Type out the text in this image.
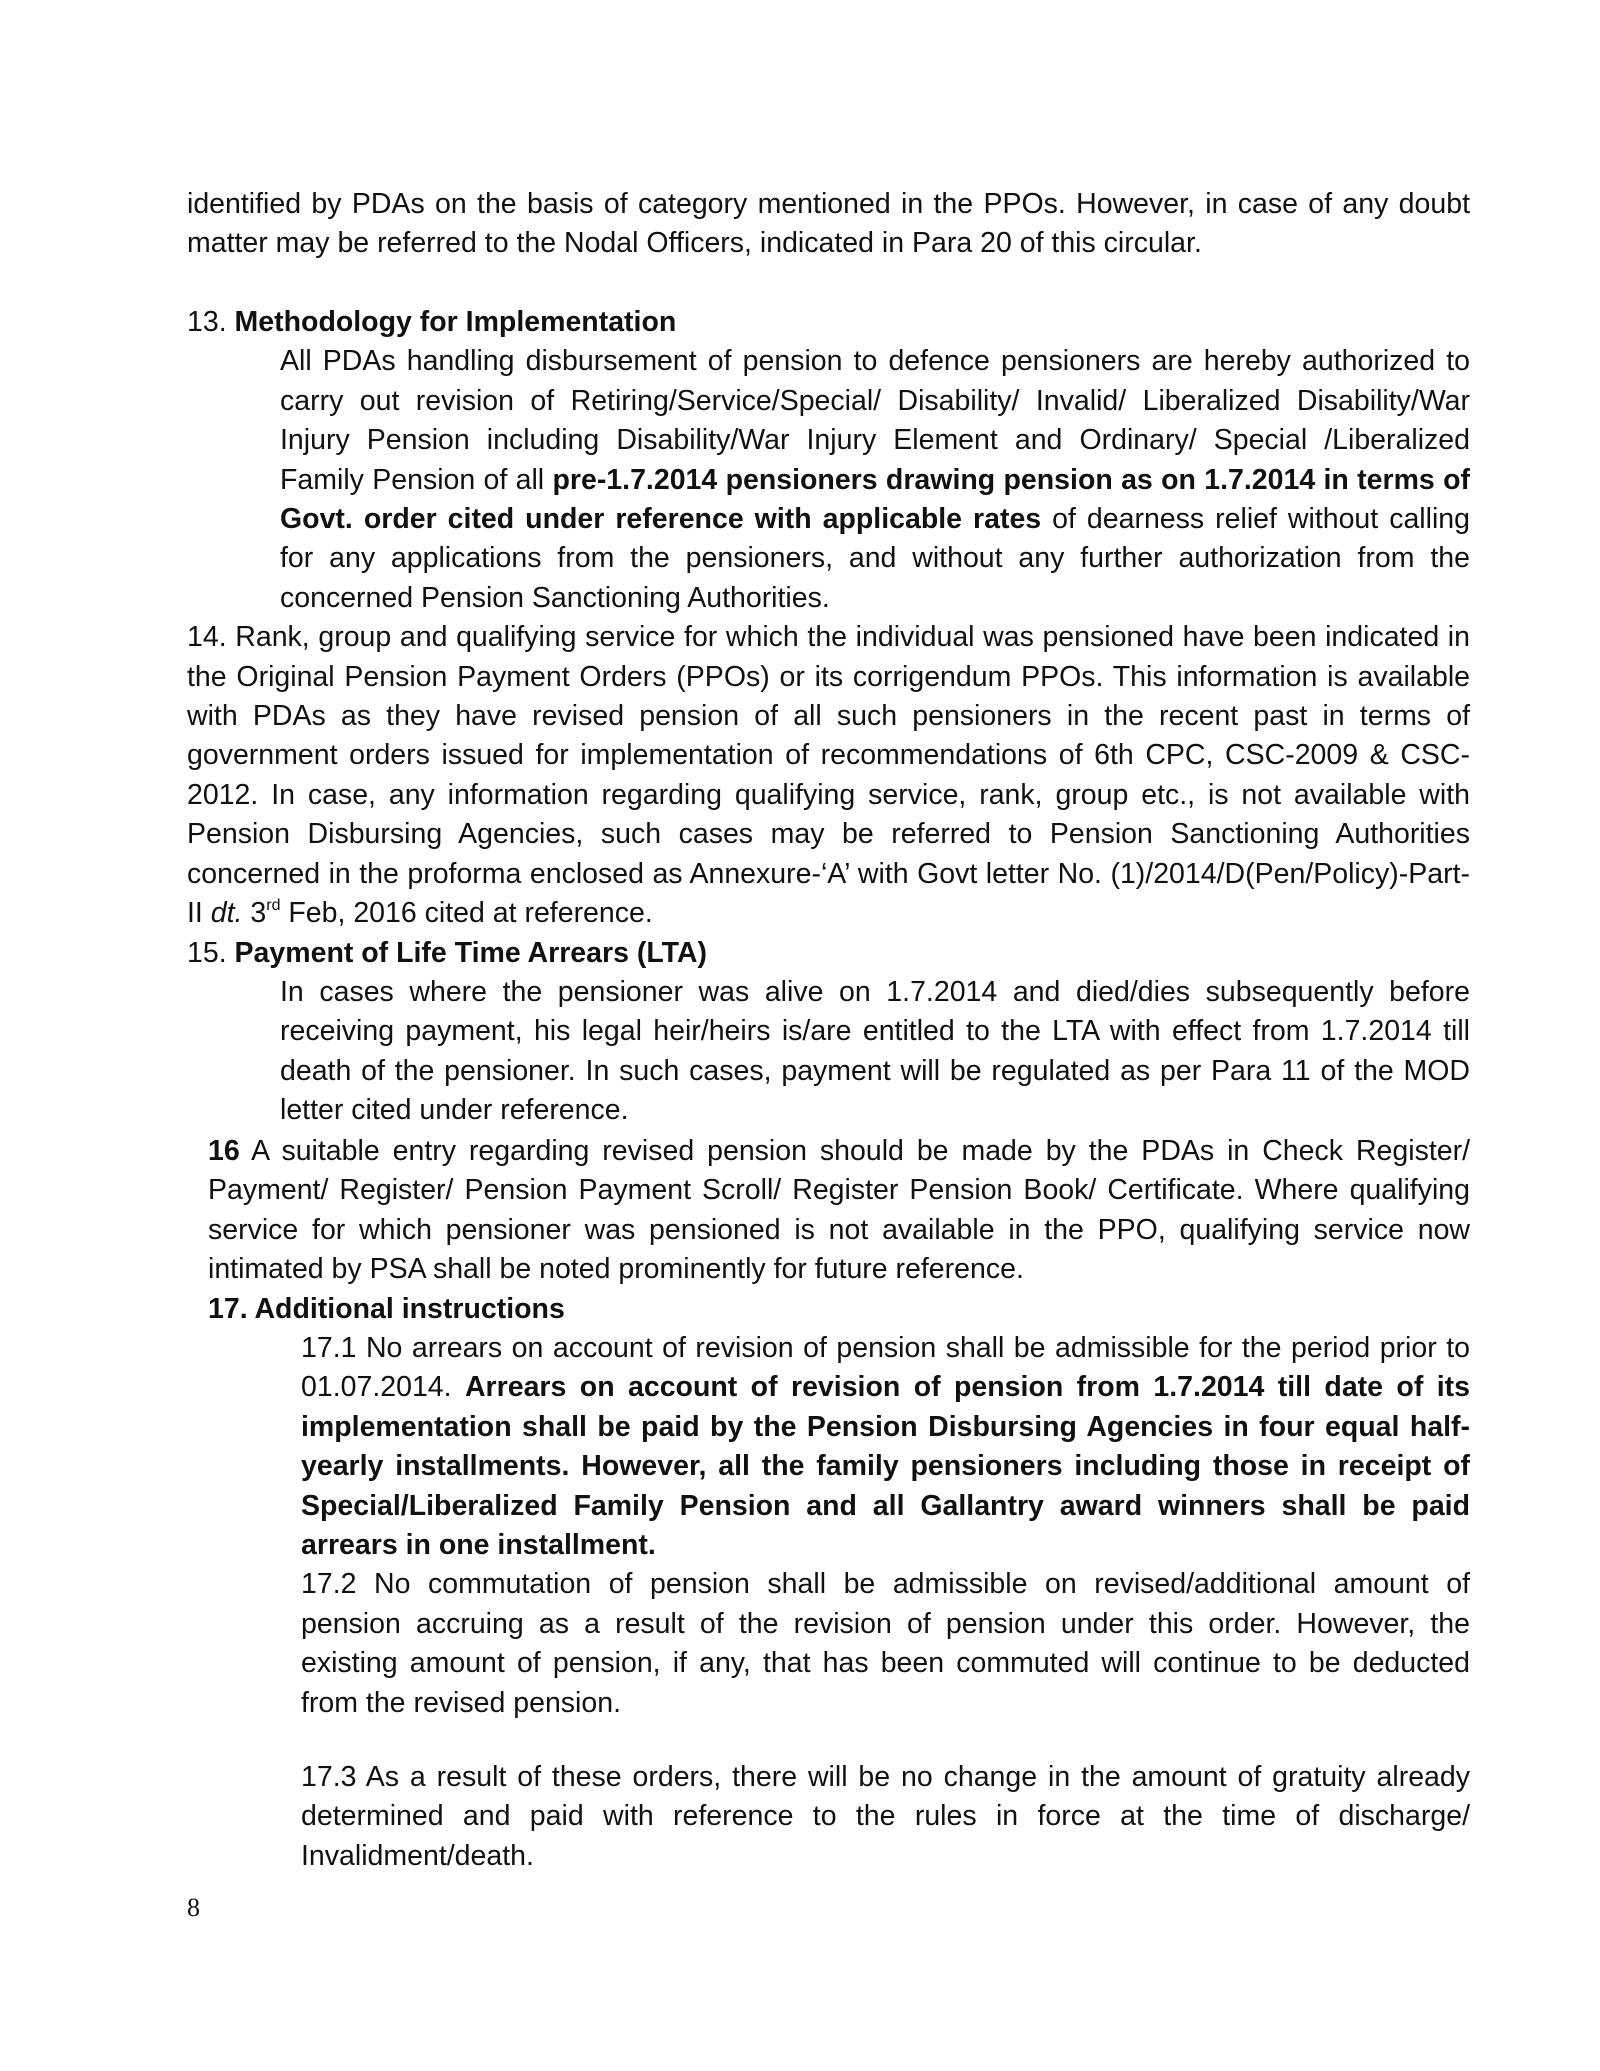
identified by PDAs on the basis of category mentioned in the PPOs. However, in case of any doubt matter may be referred to the Nodal Officers, indicated in Para 20 of this circular.

13. Methodology for Implementation
All PDAs handling disbursement of pension to defence pensioners are hereby authorized to carry out revision of Retiring/Service/Special/ Disability/ Invalid/ Liberalized Disability/War Injury Pension including Disability/War Injury Element and Ordinary/ Special /Liberalized Family Pension of all pre-1.7.2014 pensioners drawing pension as on 1.7.2014 in terms of Govt. order cited under reference with applicable rates of dearness relief without calling for any applications from the pensioners, and without any further authorization from the concerned Pension Sanctioning Authorities.
14. Rank, group and qualifying service for which the individual was pensioned have been indicated in the Original Pension Payment Orders (PPOs) or its corrigendum PPOs. This information is available with PDAs as they have revised pension of all such pensioners in the recent past in terms of government orders issued for implementation of recommendations of 6th CPC, CSC-2009 & CSC-2012. In case, any information regarding qualifying service, rank, group etc., is not available with Pension Disbursing Agencies, such cases may be referred to Pension Sanctioning Authorities concerned in the proforma enclosed as Annexure-‘A’ with Govt letter No. (1)/2014/D(Pen/Policy)-Part-II dt. 3rd Feb, 2016 cited at reference.
15. Payment of Life Time Arrears (LTA)
In cases where the pensioner was alive on 1.7.2014 and died/dies subsequently before receiving payment, his legal heir/heirs is/are entitled to the LTA with effect from 1.7.2014 till death of the pensioner. In such cases, payment will be regulated as per Para 11 of the MOD letter cited under reference.
16 A suitable entry regarding revised pension should be made by the PDAs in Check Register/ Payment/ Register/ Pension Payment Scroll/ Register Pension Book/ Certificate. Where qualifying service for which pensioner was pensioned is not available in the PPO, qualifying service now intimated by PSA shall be noted prominently for future reference.
17. Additional instructions
17.1 No arrears on account of revision of pension shall be admissible for the period prior to 01.07.2014. Arrears on account of revision of pension from 1.7.2014 till date of its implementation shall be paid by the Pension Disbursing Agencies in four equal half-yearly installments. However, all the family pensioners including those in receipt of Special/Liberalized Family Pension and all Gallantry award winners shall be paid arrears in one installment.
17.2 No commutation of pension shall be admissible on revised/additional amount of pension accruing as a result of the revision of pension under this order. However, the existing amount of pension, if any, that has been commuted will continue to be deducted from the revised pension.
17.3 As a result of these orders, there will be no change in the amount of gratuity already determined and paid with reference to the rules in force at the time of discharge/ Invalidment/death.
8
